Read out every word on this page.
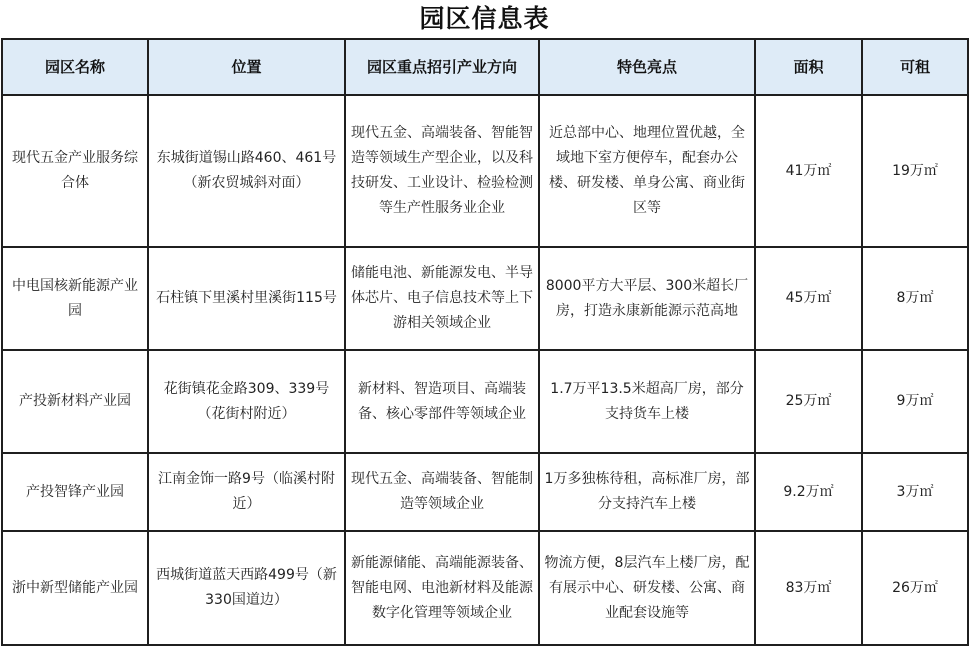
园区信息表
园区名称	位置	园区重点招引产业方向	特色亮点	面积	可租
现代五金产业服务综合体	东城街道锡山路460、461号（新农贸城斜对面）	现代五金、高端装备、智能智造等领域生产型企业，以及科技研发、工业设计、检验检测等生产性服务业企业	近总部中心、地理位置优越，全域地下室方便停车，配套办公楼、研发楼、单身公寓、商业街区等	41万㎡	19万㎡
中电国核新能源产业园	石柱镇下里溪村里溪街115号	储能电池、新能源发电、半导体芯片、电子信息技术等上下游相关领域企业	8000平方大平层、300米超长厂房，打造永康新能源示范高地	45万㎡	8万㎡
产投新材料产业园	花街镇花金路309、339号（花街村附近）	新材料、智造项目、高端装备、核心零部件等领域企业	1.7万平13.5米超高厂房，部分支持货车上楼	25万㎡	9万㎡
产投智锋产业园	江南金饰一路9号（临溪村附近）	现代五金、高端装备、智能制造等领域企业	1万多独栋待租，高标准厂房，部分支持汽车上楼	9.2万㎡	3万㎡
浙中新型储能产业园	西城街道蓝天西路499号（新330国道边）	新能源储能、高端能源装备、智能电网、电池新材料及能源数字化管理等领域企业	物流方便，8层汽车上楼厂房，配有展示中心、研发楼、公寓、商业配套设施等	83万㎡	26万㎡
